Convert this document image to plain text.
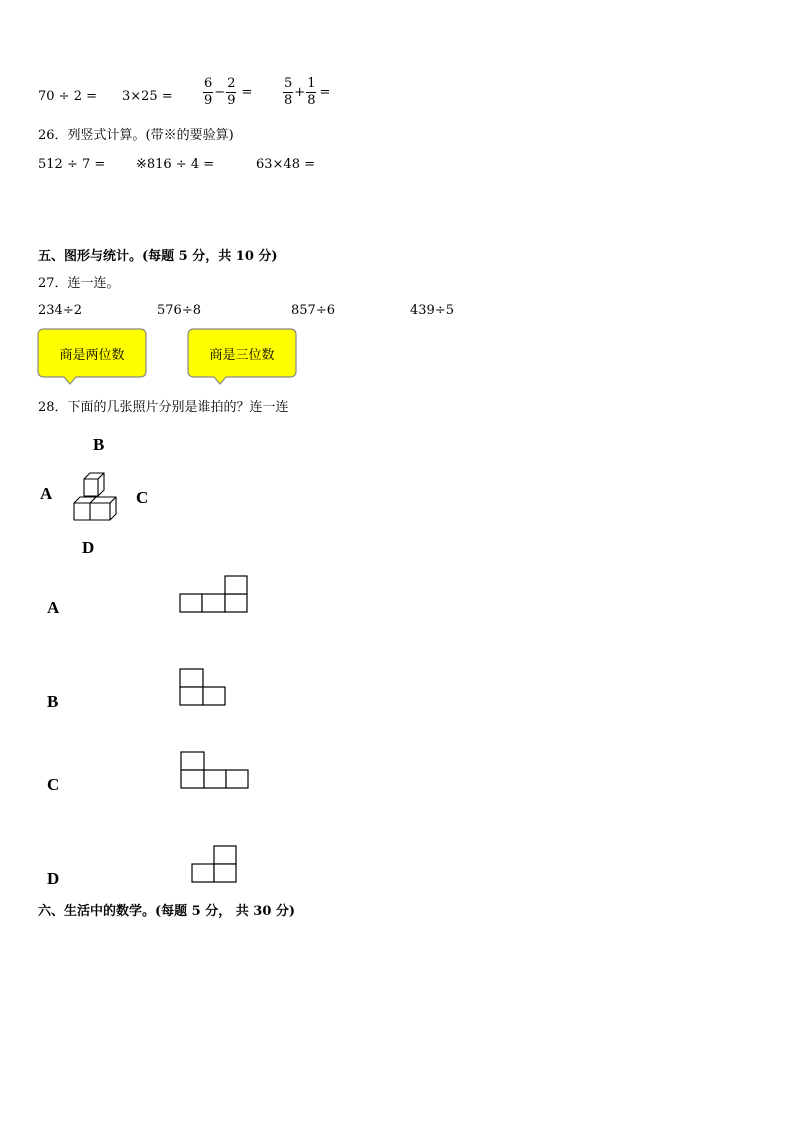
$70 \div 2 = 3\times 25 = \frac{6}{9} - \frac{2}{9} = \frac{5}{8} + \frac{1}{8}$ =
26．列竖式计算。(带※的要验算)
512 ÷ 7 = ※816 ÷ 4 =	63×48 =
五、图形与统计。(每题 5 分，共 10 分)
27．连一连。
234÷2	576÷8	857÷6	439÷5
商是两位数	商是三位数
28．下面的几张照片分别是谁拍的？连一连
B
A	C
D
A
B
C
D
六、生活中的数学。(每题 5 分， 共 30 分)
